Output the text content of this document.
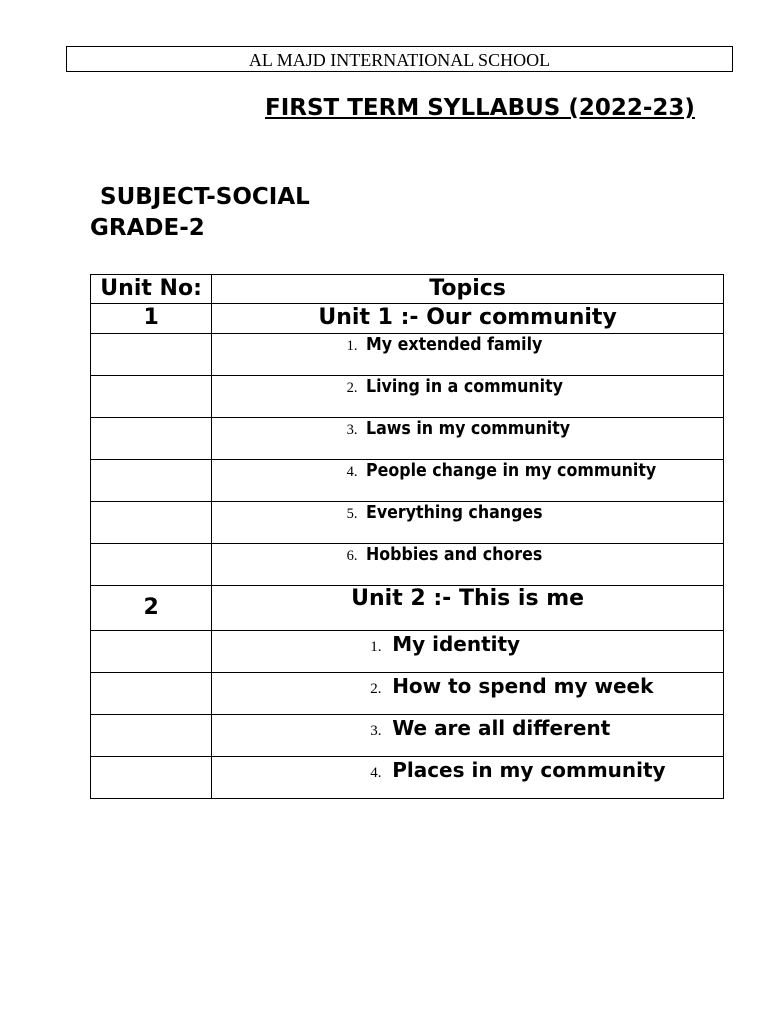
AL MAJD INTERNATIONAL SCHOOL
FIRST TERM SYLLABUS (2022-23)
SUBJECT-SOCIAL
GRADE-2
Unit No:	Topics
1	Unit 1 :- Our community

	1. My extended family

	2. Living in a community

	3. Laws in my community

	4. People change in my community

	5. Everything changes

	6. Hobbies and chores

2	Unit 2 :- This is me

	1. My identity

	2. How to spend my week

	3. We are all different

	4. Places in my community
